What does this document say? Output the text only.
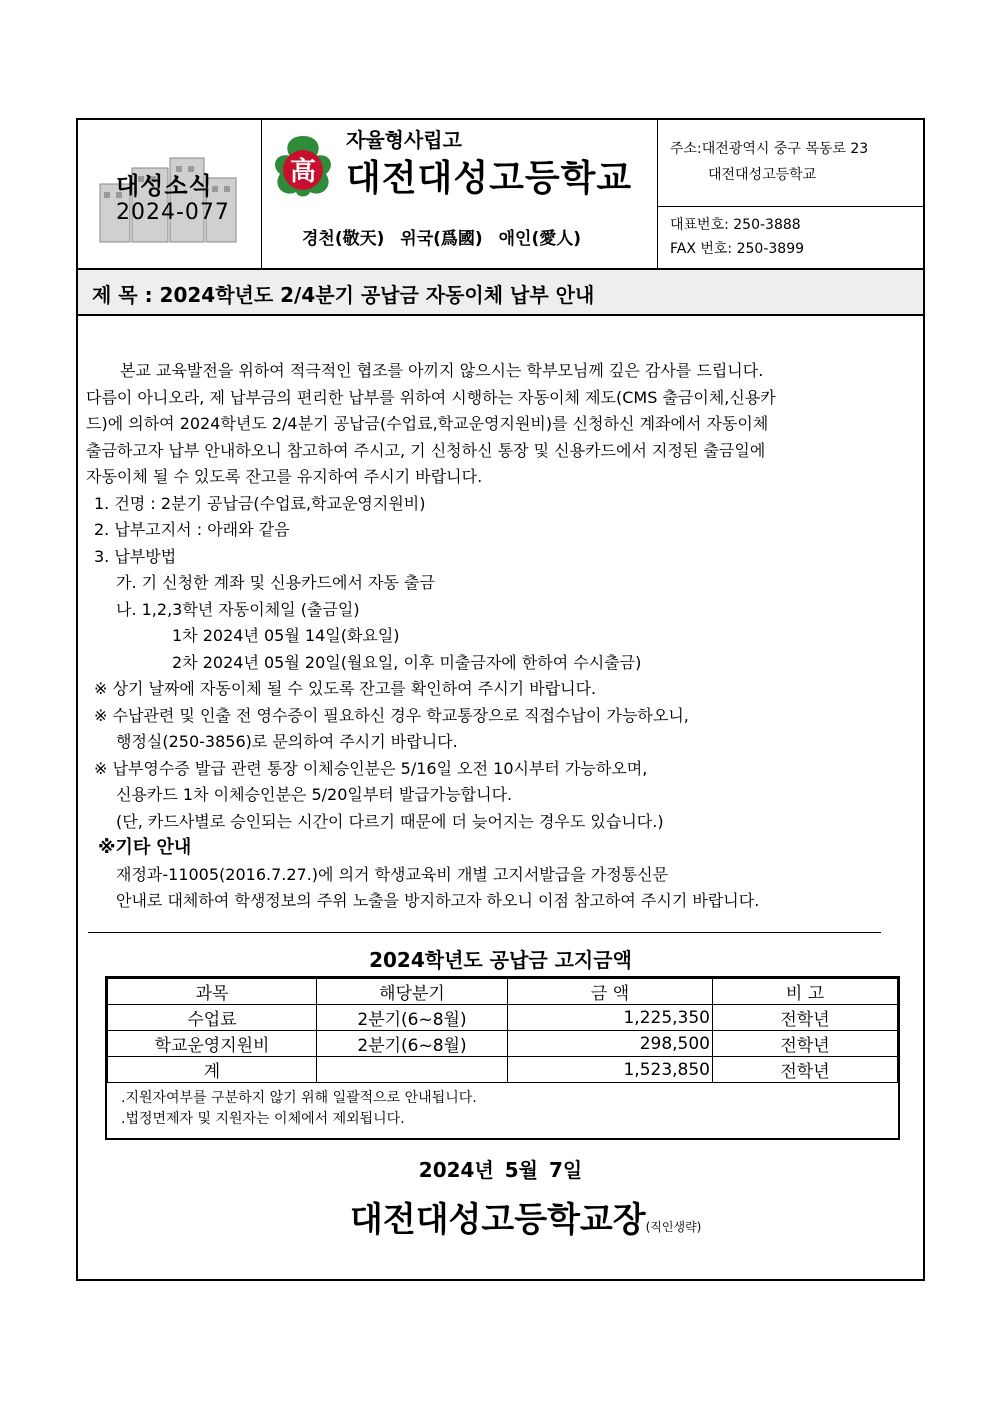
대성소식
2024-077
高
자율형사립고
대전대성고등학교
경천(敬天) 위국(爲國) 애인(愛人)
주소:대전광역시 중구 목동로 23
대전대성고등학교
대표번호: 250-3888
FAX 번호: 250-3899
제 목 : 2024학년도 2/4분기 공납금 자동이체 납부 안내

본교 교육발전을 위하여 적극적인 협조를 아끼지 않으시는 학부모님께 깊은 감사를 드립니다.

다름이 아니오라, 제 납부금의 편리한 납부를 위하여 시행하는 자동이체 제도(CMS 출금이체,신용카

드)에 의하여 2024학년도 2/4분기 공납금(수업료,학교운영지원비)를 신청하신 계좌에서 자동이체

출금하고자 납부 안내하오니 참고하여 주시고, 기 신청하신 통장 및 신용카드에서 지정된 출금일에

자동이체 될 수 있도록 잔고를 유지하여 주시기 바랍니다.

1. 건명 : 2분기 공납금(수업료,학교운영지원비)

2. 납부고지서 : 아래와 같음

3. 납부방법

가. 기 신청한 계좌 및 신용카드에서 자동 출금

나. 1,2,3학년 자동이체일 (출금일)

1차 2024년 05월 14일(화요일)

2차 2024년 05월 20일(월요일, 이후 미출금자에 한하여 수시출금)

※ 상기 날짜에 자동이체 될 수 있도록 잔고를 확인하여 주시기 바랍니다.

※ 수납관련 및 인출 전 영수증이 필요하신 경우 학교통장으로 직접수납이 가능하오니,

행정실(250-3856)로 문의하여 주시기 바랍니다.

※ 납부영수증 발급 관련 통장 이체승인분은 5/16일 오전 10시부터 가능하오며,

신용카드 1차 이체승인분은 5/20일부터 발급가능합니다.

(단, 카드사별로 승인되는 시간이 다르기 때문에 더 늦어지는 경우도 있습니다.)

※기타 안내

재정과-11005(2016.7.27.)에 의거 학생교육비 개별 고지서발급을 가정통신문

안내로 대체하여 학생정보의 주위 노출을 방지하고자 하오니 이점 참고하여 주시기 바랍니다.

2024학년도 공납금 고지금액
과목	해당분기	금 액	비 고
수업료	2분기(6~8월)	1,225,350	전학년
학교운영지원비	2분기(6~8월)	298,500	전학년
계		1,523,850	전학년
.지원자여부를 구분하지 않기 위해 일괄적으로 안내됩니다.
.법정면제자 및 지원자는 이체에서 제외됩니다.
2024년 5월 7일
대전대성고등학교장(직인생략)
